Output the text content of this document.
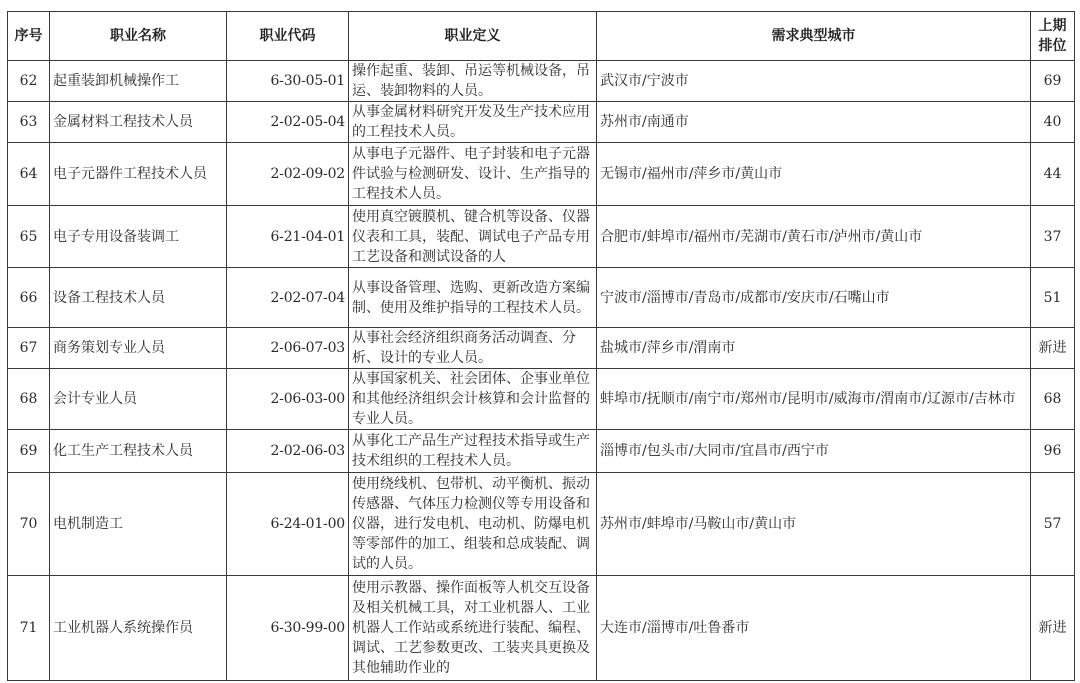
序号	职业名称	职业代码	职业定义	需求典型城市	上期
排位
62	起重装卸机械操作工	6-30-05-01	操作起重、装卸、吊运等机械设备，吊运、装卸物料的人员。	武汉市/宁波市	69
63	金属材料工程技术人员	2-02-05-04	从事金属材料研究开发及生产技术应用的工程技术人员。	苏州市/南通市	40
64	电子元器件工程技术人员	2-02-09-02	从事电子元器件、电子封装和电子元器件试验与检测研发、设计、生产指导的工程技术人员。	无锡市/福州市/萍乡市/黄山市	44
65	电子专用设备装调工	6-21-04-01	使用真空镀膜机、键合机等设备、仪器仪表和工具，装配、调试电子产品专用工艺设备和测试设备的人	合肥市/蚌埠市/福州市/芜湖市/黄石市/泸州市/黄山市	37
66	设备工程技术人员	2-02-07-04	从事设备管理、选购、更新改造方案编制、使用及维护指导的工程技术人员。	宁波市/淄博市/青岛市/成都市/安庆市/石嘴山市	51
67	商务策划专业人员	2-06-07-03	从事社会经济组织商务活动调查、分析、设计的专业人员。	盐城市/萍乡市/渭南市	新进
68	会计专业人员	2-06-03-00	从事国家机关、社会团体、企事业单位和其他经济组织会计核算和会计监督的专业人员。	蚌埠市/抚顺市/南宁市/郑州市/昆明市/威海市/渭南市/辽源市/吉林市	68
69	化工生产工程技术人员	2-02-06-03	从事化工产品生产过程技术指导或生产技术组织的工程技术人员。	淄博市/包头市/大同市/宜昌市/西宁市	96
70	电机制造工	6-24-01-00	使用绕线机、包带机、动平衡机、振动传感器、气体压力检测仪等专用设备和仪器，进行发电机、电动机、防爆电机等零部件的加工、组装和总成装配、调试的人员。	苏州市/蚌埠市/马鞍山市/黄山市	57
71	工业机器人系统操作员	6-30-99-00	使用示教器、操作面板等人机交互设备及相关机械工具，对工业机器人、工业机器人工作站或系统进行装配、编程、调试、工艺参数更改、工装夹具更换及其他辅助作业的	大连市/淄博市/吐鲁番市	新进
